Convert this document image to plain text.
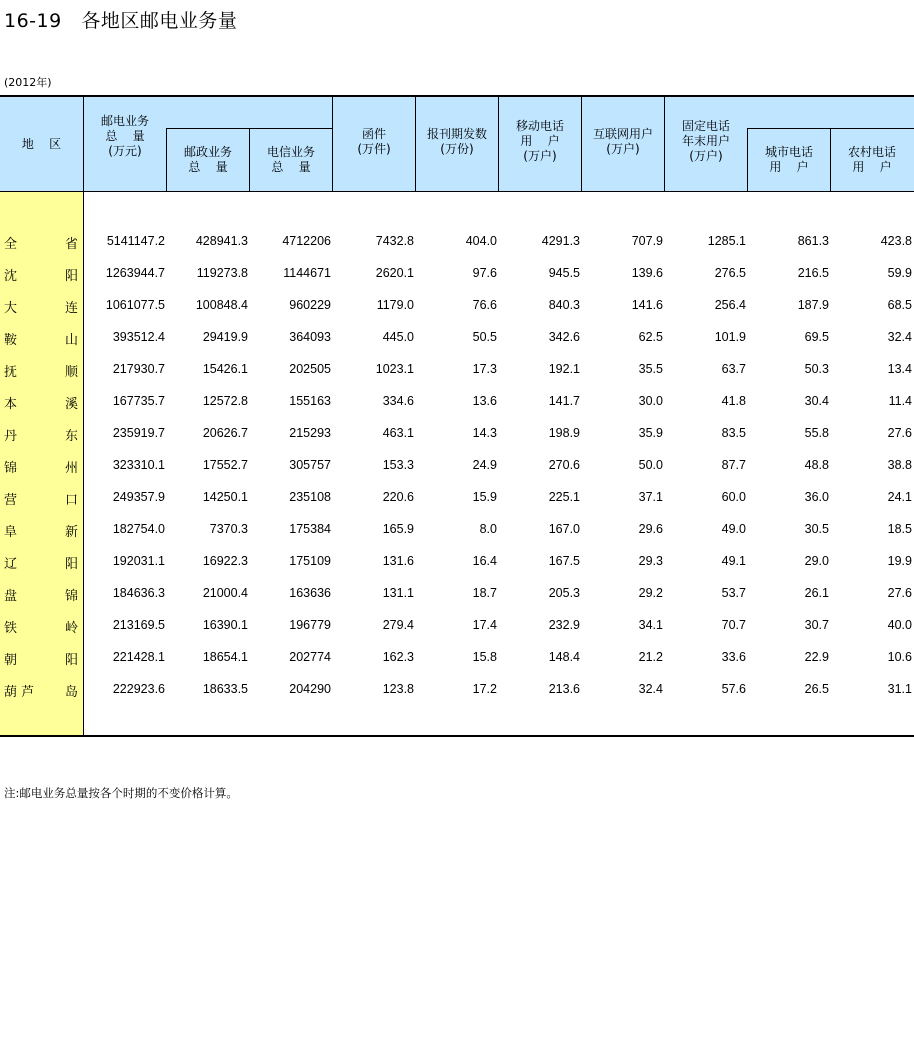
16-19   各地区邮电业务量
(2012年)
地    区
邮电业务
总    量
(万元)	邮政业务
总    量
电信业务
总    量
函件
(万件)
报刊期发数
(万份)
移动电话
用    户
(万户)
互联网用户
(万户)
固定电话
年末用户
(万户)	城市电话
用    户
农村电话
用    户
全	省	5141147.2	428941.3	4712206	7432.8	404.0	4291.3	707.9	1285.1	861.3	423.8
沈	阳	1263944.7	119273.8	1144671	2620.1	97.6	945.5	139.6	276.5	216.5	59.9
大	连	1061077.5	100848.4	960229	1179.0	76.6	840.3	141.6	256.4	187.9	68.5
鞍	山	393512.4	29419.9	364093	445.0	50.5	342.6	62.5	101.9	69.5	32.4
抚	顺	217930.7	15426.1	202505	1023.1	17.3	192.1	35.5	63.7	50.3	13.4
本	溪	167735.7	12572.8	155163	334.6	13.6	141.7	30.0	41.8	30.4	11.4
丹	东	235919.7	20626.7	215293	463.1	14.3	198.9	35.9	83.5	55.8	27.6
锦	州	323310.1	17552.7	305757	153.3	24.9	270.6	50.0	87.7	48.8	38.8
营	口	249357.9	14250.1	235108	220.6	15.9	225.1	37.1	60.0	36.0	24.1
阜	新	182754.0	7370.3	175384	165.9	8.0	167.0	29.6	49.0	30.5	18.5
辽	阳	192031.1	16922.3	175109	131.6	16.4	167.5	29.3	49.1	29.0	19.9
盘	锦	184636.3	21000.4	163636	131.1	18.7	205.3	29.2	53.7	26.1	27.6
铁	岭	213169.5	16390.1	196779	279.4	17.4	232.9	34.1	70.7	30.7	40.0
朝	阳	221428.1	18654.1	202774	162.3	15.8	148.4	21.2	33.6	22.9	10.6
葫 芦 岛	222923.6	18633.5	204290	123.8	17.2	213.6	32.4	57.6	26.5	31.1
注:邮电业务总量按各个时期的不变价格计算。
